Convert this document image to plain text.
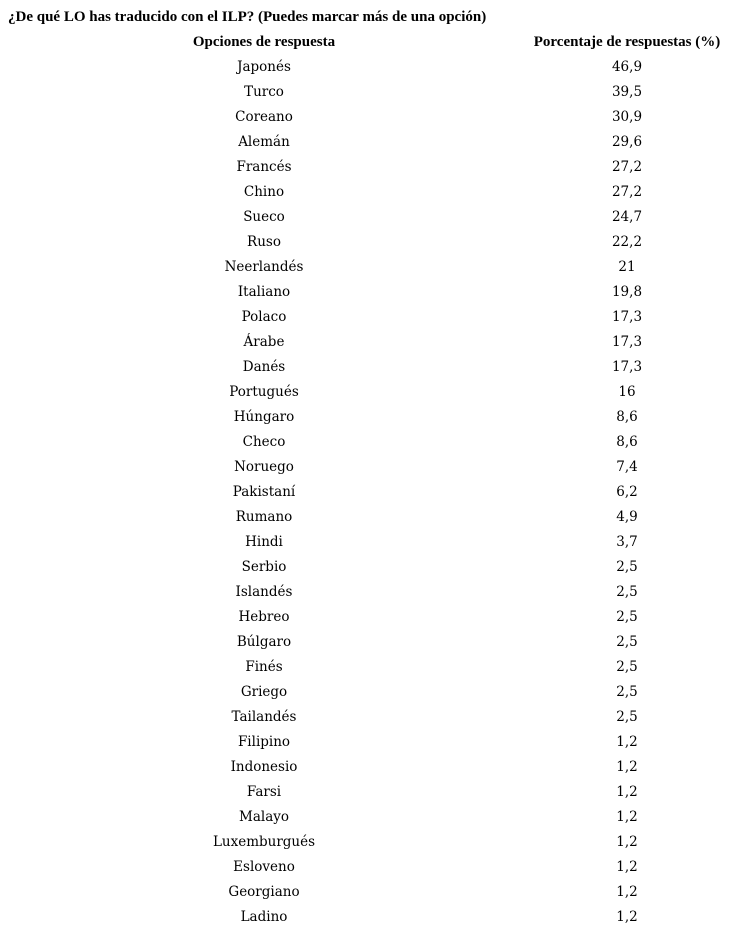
¿De qué LO has traducido con el ILP? (Puedes marcar más de una opción)
Opciones de respuesta	Porcentaje de respuestas (%)
Japonés	46,9
Turco	39,5
Coreano	30,9
Alemán	29,6
Francés	27,2
Chino	27,2
Sueco	24,7
Ruso	22,2
Neerlandés	21
Italiano	19,8
Polaco	17,3
Árabe	17,3
Danés	17,3
Portugués	16
Húngaro	8,6
Checo	8,6
Noruego	7,4
Pakistaní	6,2
Rumano	4,9
Hindi	3,7
Serbio	2,5
Islandés	2,5
Hebreo	2,5
Búlgaro	2,5
Finés	2,5
Griego	2,5
Tailandés	2,5
Filipino	1,2
Indonesio	1,2
Farsi	1,2
Malayo	1,2
Luxemburgués	1,2
Esloveno	1,2
Georgiano	1,2
Ladino	1,2
